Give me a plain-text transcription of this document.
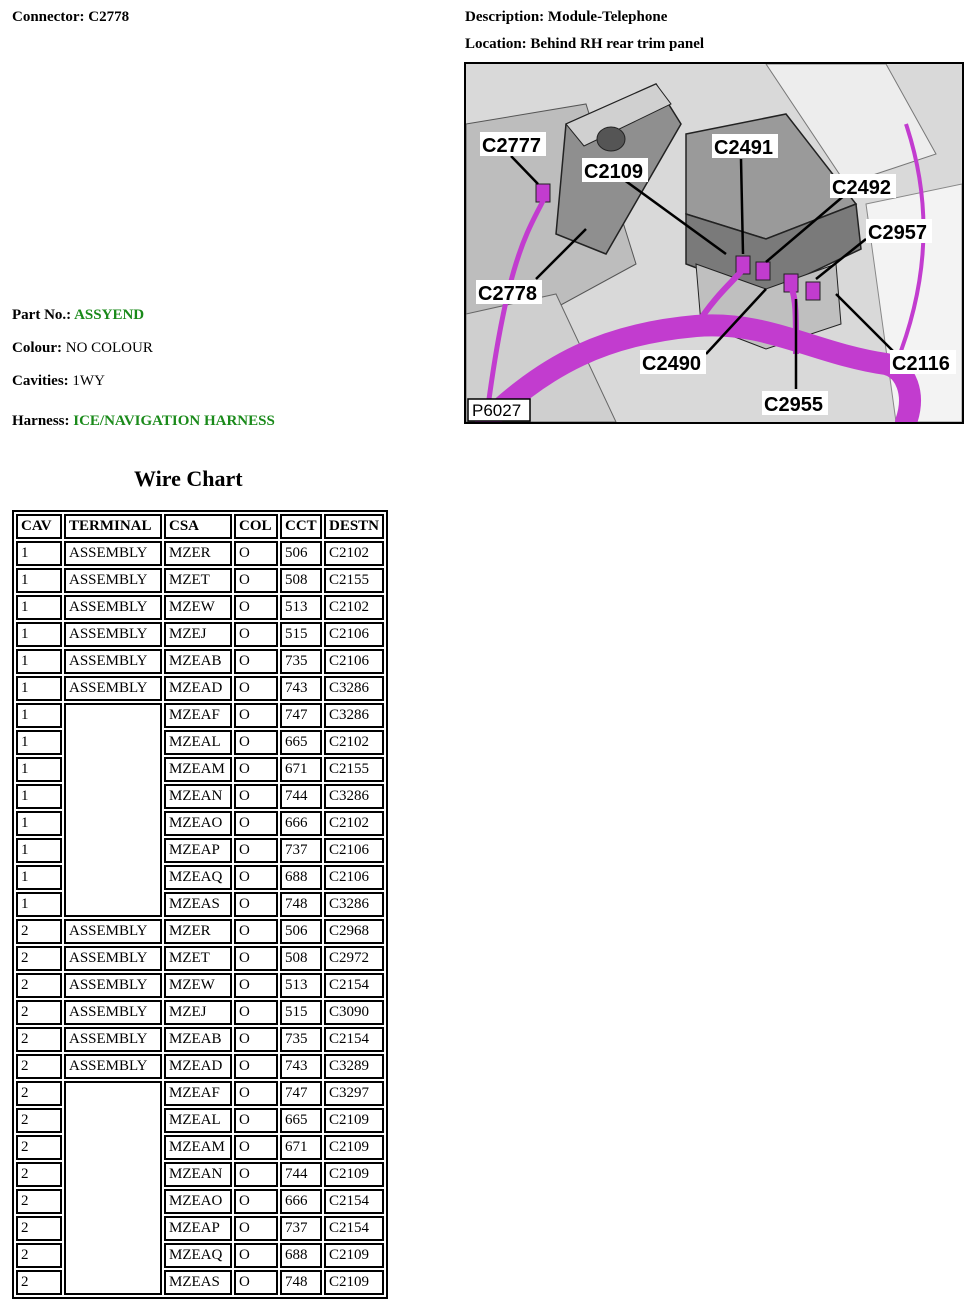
Connector: C2778	Description: Module-Telephone
Location: Behind RH rear trim panel
Part No.: ASSYEND
Colour: NO COLOUR
Cavities: 1WY
Harness: ICE/NAVIGATION HARNESS
Wire Chart
CAV	TERMINAL	CSA	COL	CCT	DESTN
1	ASSEMBLY	MZER	O	506	C2102
1	ASSEMBLY	MZET	O	508	C2155
1	ASSEMBLY	MZEW	O	513	C2102
1	ASSEMBLY	MZEJ	O	515	C2106
1	ASSEMBLY	MZEAB	O	735	C2106
1	ASSEMBLY	MZEAD	O	743	C3286
1		MZEAF	O	747	C3286
1		MZEAL	O	665	C2102
1		MZEAM	O	671	C2155
1		MZEAN	O	744	C3286
1		MZEAO	O	666	C2102
1		MZEAP	O	737	C2106
1		MZEAQ	O	688	C2106
1		MZEAS	O	748	C3286
2	ASSEMBLY	MZER	O	506	C2968
2	ASSEMBLY	MZET	O	508	C2972
2	ASSEMBLY	MZEW	O	513	C2154
2	ASSEMBLY	MZEJ	O	515	C3090
2	ASSEMBLY	MZEAB	O	735	C2154
2	ASSEMBLY	MZEAD	O	743	C3289
2		MZEAF	O	747	C3297
2		MZEAL	O	665	C2109
2		MZEAM	O	671	C2109
2		MZEAN	O	744	C2109
2		MZEAO	O	666	C2154
2		MZEAP	O	737	C2154
2		MZEAQ	O	688	C2109
2		MZEAS	O	748	C2109
C2777
C2109
C2491
C2492
C2957
C2778
C2490	C2116
C2955
P6027
